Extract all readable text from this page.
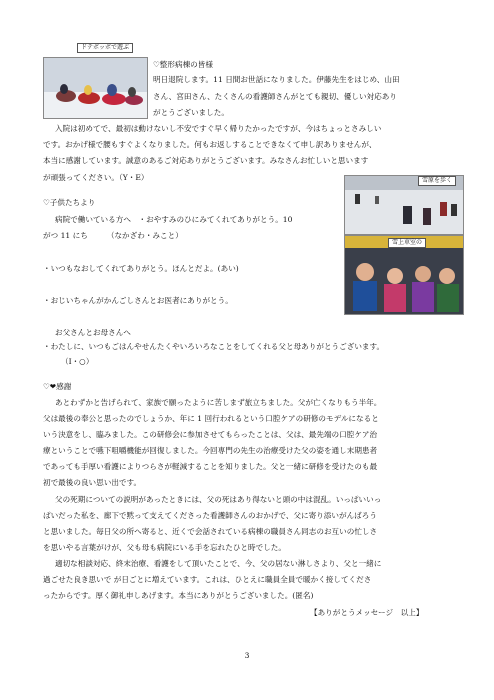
ドテボッボで遊ぶ
雪原を歩く
雪上車室の
♡整形病棟の皆様
明日退院します。11 日間お世話になりました。伊藤先生をはじめ、山田
さん、宮田さん、たくさんの看護師さんがとても親切、優しい対応あり
がとうございました。
入院は初めてで、最初は動けないし不安ですぐ早く帰りたかったですが、今はちょっとさみしい
です。おかげ様で腰もすぐよくなりました。何もお返しすることできなくて申し訳ありませんが、
本当に感謝しています。誠意のあるご対応ありがとうございます。みなさんお忙しいと思います
が頑張ってください。（Y・E）
♡子供たちより
病院で働いている方へ　・おやすみのひにみてくれてありがとう。10
がつ 11 にち　　　（なかざわ・みこと）
・いつもなおしてくれてありがとう。ほんとだよ。(あい)
・おじいちゃんがかんごしさんとお医者にありがとう。
お父さんとお母さんへ
・わたしに、いつもごはんやせんたくやいろいろなことをしてくれる父と母ありがとうございます。
（I・○）
♡❤感謝
あとわずかと告げられて、家族で願ったように苦しまず旅立ちました。父が亡くなりもう半年。
父は最後の奉公と思ったのでしょうか、年に 1 回行われるという口腔ケアの研修のモデルになると
いう決意をし、臨みました。この研修会に参加させてもらったことは、父は、最先端の口腔ケア治
療ということで嚥下咀嚼機能が回復しました。今回専門の先生の治療受けた父の姿を通し末期患者
であっても手厚い看護によりつらさが軽減することを知りました。父と一緒に研修を受けたのも最
初で最後の良い思い出です。
父の死期についての説明があったときには、父の死はあり得ないと頭の中は混乱。いっぱいいっ
ぱいだった私を、廊下で黙って支えてくださった看護師さんのおかげで、父に寄り添いがんばろう
と思いました。毎日父の所へ寄ると、近くで会話されている病棟の職員さん同志のお互いの忙しさ
を思いやる言葉がけが、父も母も病院にいる手を忘れたひと時でした。
適切な相談対応、終末治療、看護をして頂いたことで、今、父の居ない淋しさより、父と一緒に
過ごせた良き思いで が日ごとに増えています。これは、ひとえに職員全員で暖かく接してくださ
ったからです。厚く御礼申しあげます。本当にありがとうございました。(匿名)
【ありがとうメッセージ　以上】
3
